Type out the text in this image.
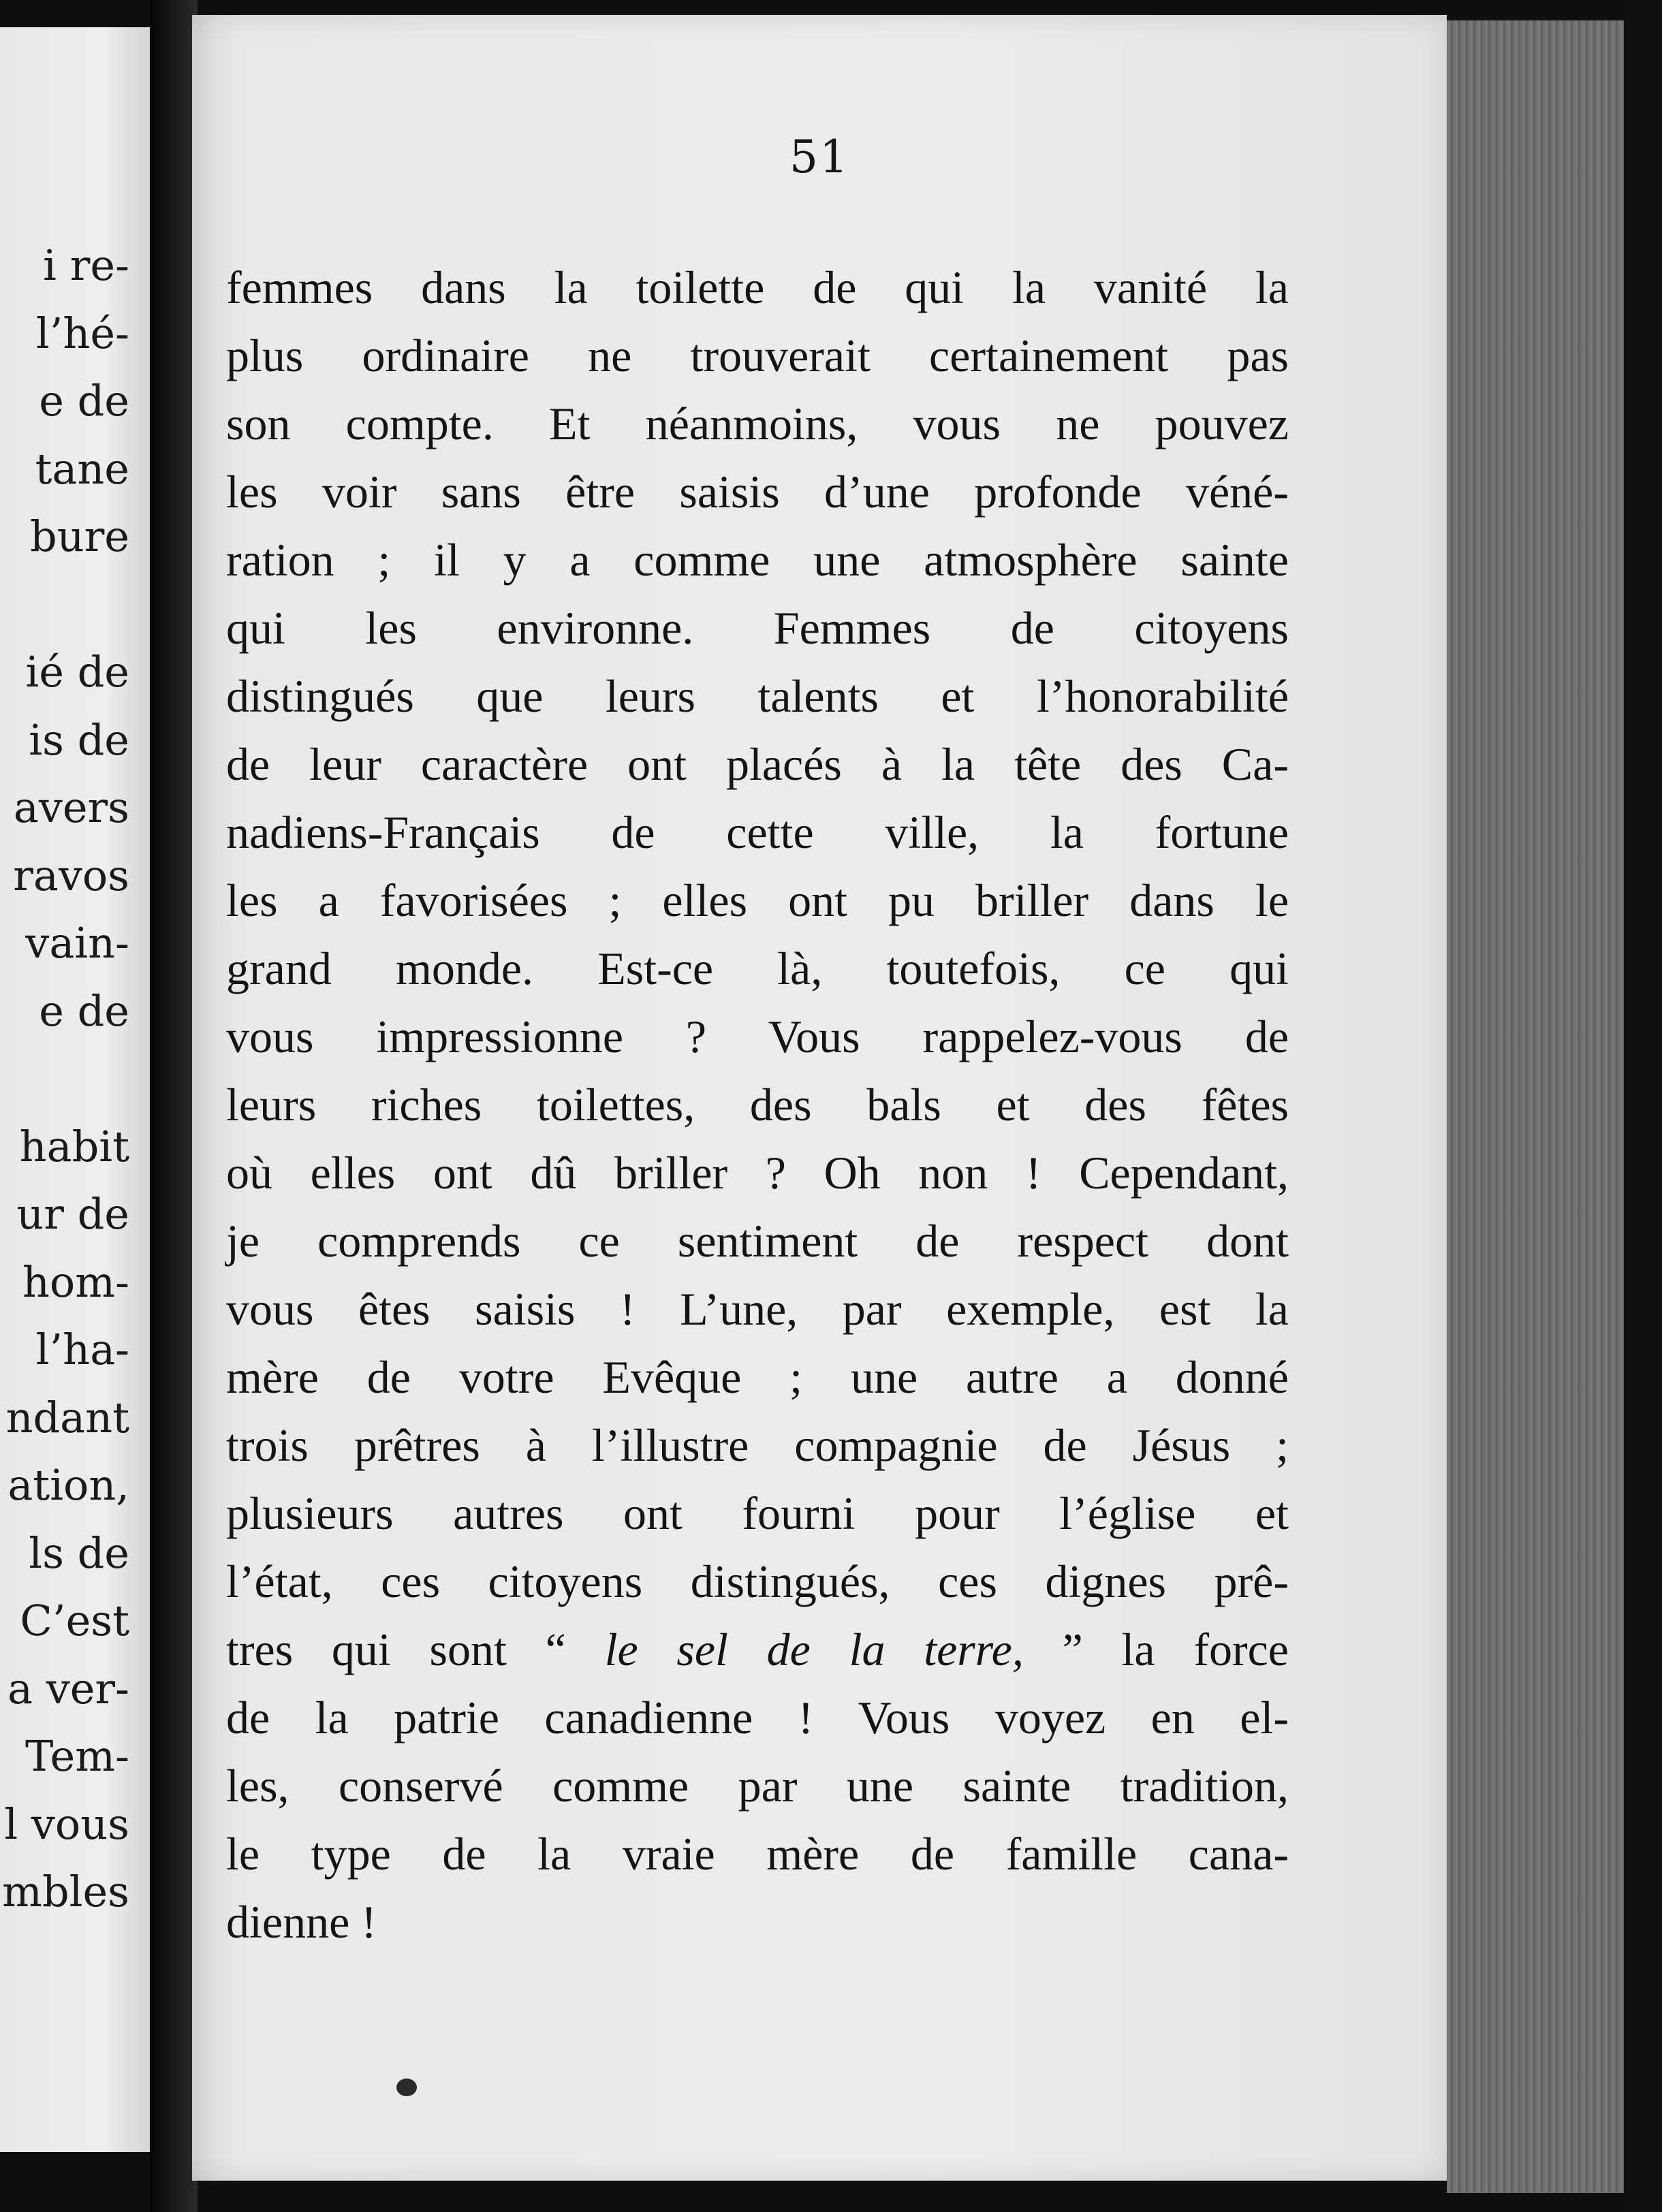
i re-
l’hé-
e de
tane
bure

ié de
is de
avers
ravos
vain-
e de

habit
ur de
hom-
l’ha-
ndant
ation,
ls de
C’est
a ver-
Tem-
l vous
mbles
51
femmes dans la toilette de qui la vanité la
plus ordinaire ne trouverait certainement pas
son compte. Et néanmoins, vous ne pouvez
les voir sans être saisis d’une profonde véné-
ration ; il y a comme une atmosphère sainte
qui les environne. Femmes de citoyens
distingués que leurs talents et l’honorabilité
de leur caractère ont placés à la tête des Ca-
nadiens-Français de cette ville, la fortune
les a favorisées ; elles ont pu briller dans le
grand monde. Est-ce là, toutefois, ce qui
vous impressionne ? Vous rappelez-vous de
leurs riches toilettes, des bals et des fêtes
où elles ont dû briller ? Oh non ! Cependant,
je comprends ce sentiment de respect dont
vous êtes saisis ! L’une, par exemple, est la
mère de votre Evêque ; une autre a donné
trois prêtres à l’illustre compagnie de Jésus ;
plusieurs autres ont fourni pour l’église et
l’état, ces citoyens distingués, ces dignes prê-
tres qui sont “ le sel de la terre, ” la force
de la patrie canadienne ! Vous voyez en el-
les, conservé comme par une sainte tradition,
le type de la vraie mère de famille cana-
dienne !
